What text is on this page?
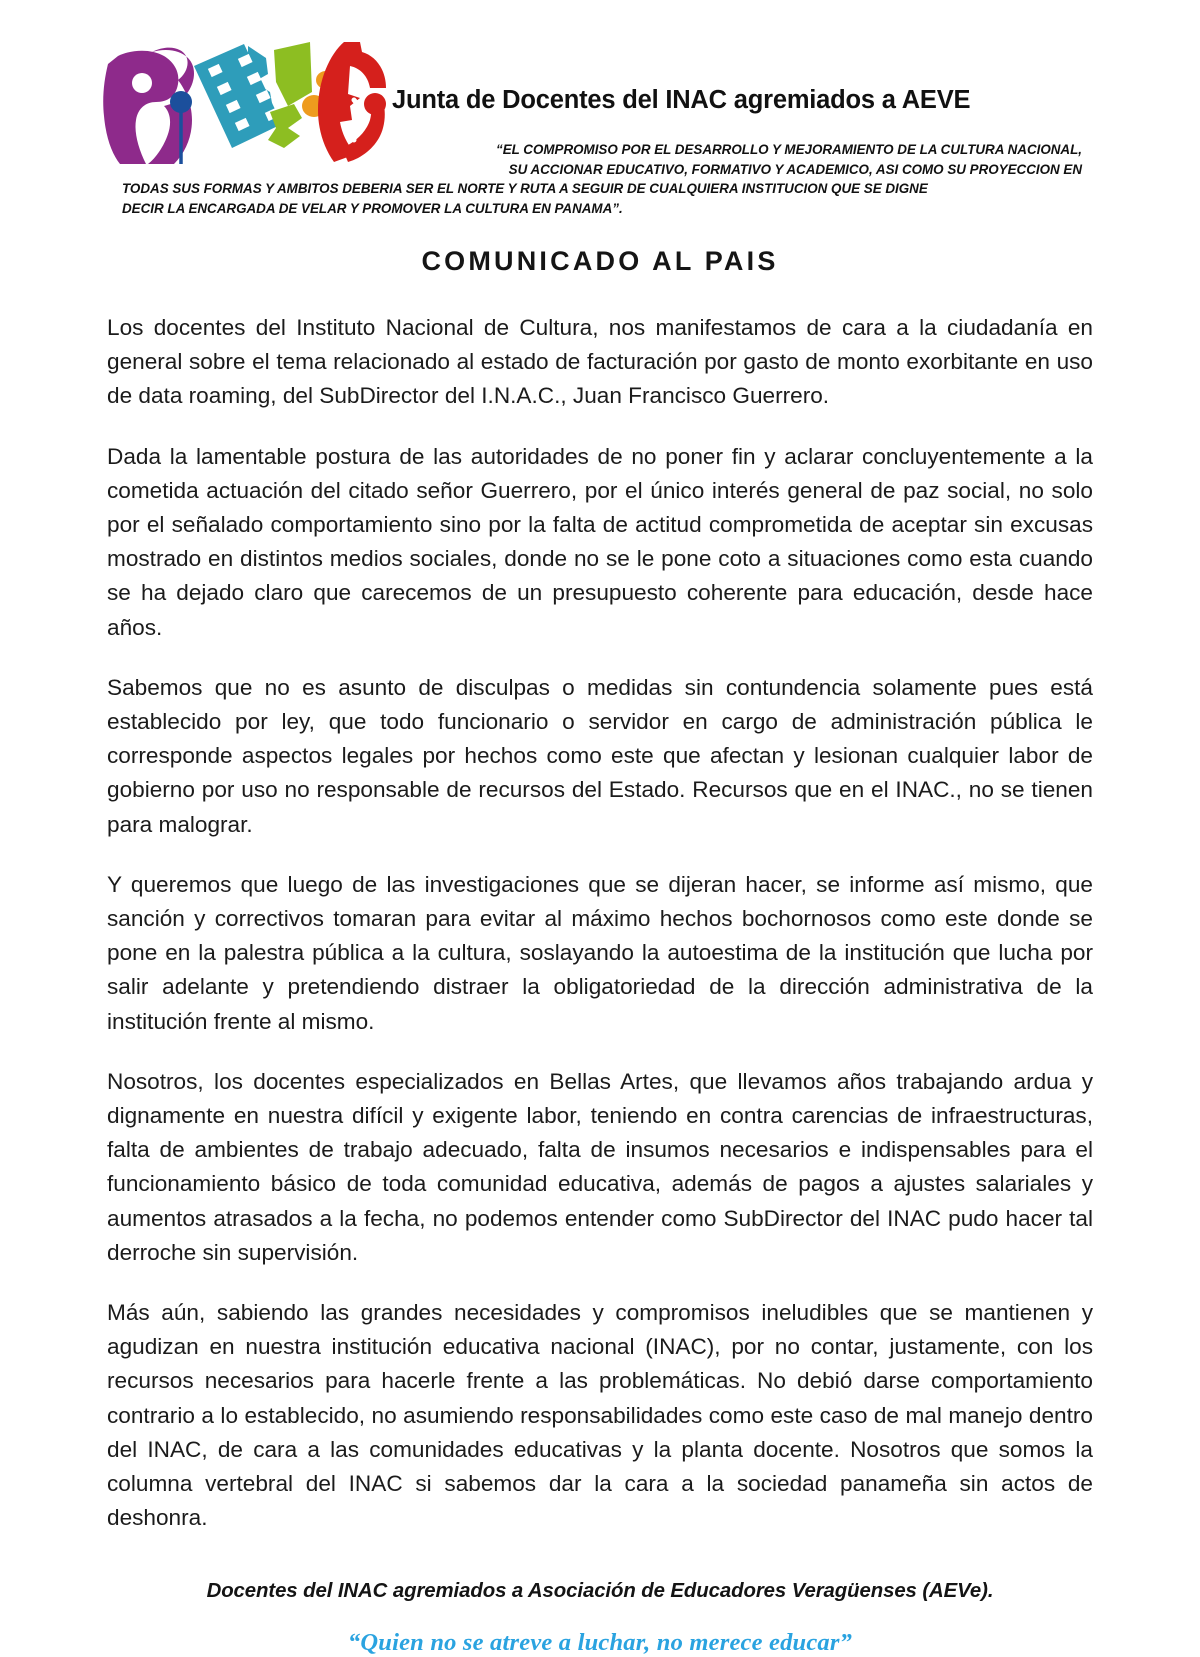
Junta de Docentes del INAC agremiados a AEVE
“EL COMPROMISO POR EL DESARROLLO Y MEJORAMIENTO DE LA CULTURA NACIONAL,
SU ACCIONAR EDUCATIVO, FORMATIVO Y ACADEMICO, ASI COMO SU PROYECCION EN
TODAS SUS FORMAS Y AMBITOS DEBERIA SER EL NORTE Y RUTA A SEGUIR DE CUALQUIERA INSTITUCION QUE SE DIGNE
DECIR LA ENCARGADA DE VELAR Y PROMOVER LA CULTURA EN PANAMA”.
COMUNICADO AL PAIS

Los docentes del Instituto Nacional de Cultura, nos manifestamos de cara a la ciudadanía en general sobre el tema relacionado al estado de facturación por gasto de monto exorbitante en uso de data roaming, del SubDirector del I.N.A.C., Juan Francisco Guerrero.

Dada la lamentable postura de las autoridades de no poner fin y aclarar concluyentemente a la cometida actuación del citado señor Guerrero, por el único interés general de paz social, no solo por el señalado comportamiento sino por la falta de actitud comprometida de aceptar sin excusas mostrado en distintos medios sociales, donde no se le pone coto a situaciones como esta cuando se ha dejado claro que carecemos de un presupuesto coherente para educación, desde hace años.

Sabemos que no es asunto de disculpas o medidas sin contundencia solamente pues está establecido por ley, que todo funcionario o servidor en cargo de administración pública le corresponde aspectos legales por hechos como este que afectan y lesionan cualquier labor de gobierno por uso no responsable de recursos del Estado. Recursos que en el INAC., no se tienen para malograr.

Y queremos que luego de las investigaciones que se dijeran hacer, se informe así mismo, que sanción y correctivos tomaran para evitar al máximo hechos bochornosos como este donde se pone en la palestra pública a la cultura, soslayando la autoestima de la institución que lucha por salir adelante y pretendiendo distraer la obligatoriedad de la dirección administrativa de la institución frente al mismo.

Nosotros, los docentes especializados en Bellas Artes, que llevamos años trabajando ardua y dignamente en nuestra difícil y exigente labor, teniendo en contra carencias de infraestructuras, falta de ambientes de trabajo adecuado, falta de insumos necesarios e indispensables para el funcionamiento básico de toda comunidad educativa, además de pagos a ajustes salariales y aumentos atrasados a la fecha, no podemos entender como SubDirector del INAC pudo hacer tal derroche sin supervisión.

Más aún, sabiendo las grandes necesidades y compromisos ineludibles que se mantienen y agudizan en nuestra institución educativa nacional (INAC), por no contar, justamente, con los recursos necesarios para hacerle frente a las problemáticas. No debió darse comportamiento contrario a lo establecido, no asumiendo responsabilidades como este caso de mal manejo dentro del INAC, de cara a las comunidades educativas y la planta docente. Nosotros que somos la columna vertebral del INAC si sabemos dar la cara a la sociedad panameña sin actos de deshonra.

Docentes del INAC agremiados a Asociación de Educadores Veragüenses (AEVe).
“Quien no se atreve a luchar, no merece educar”
